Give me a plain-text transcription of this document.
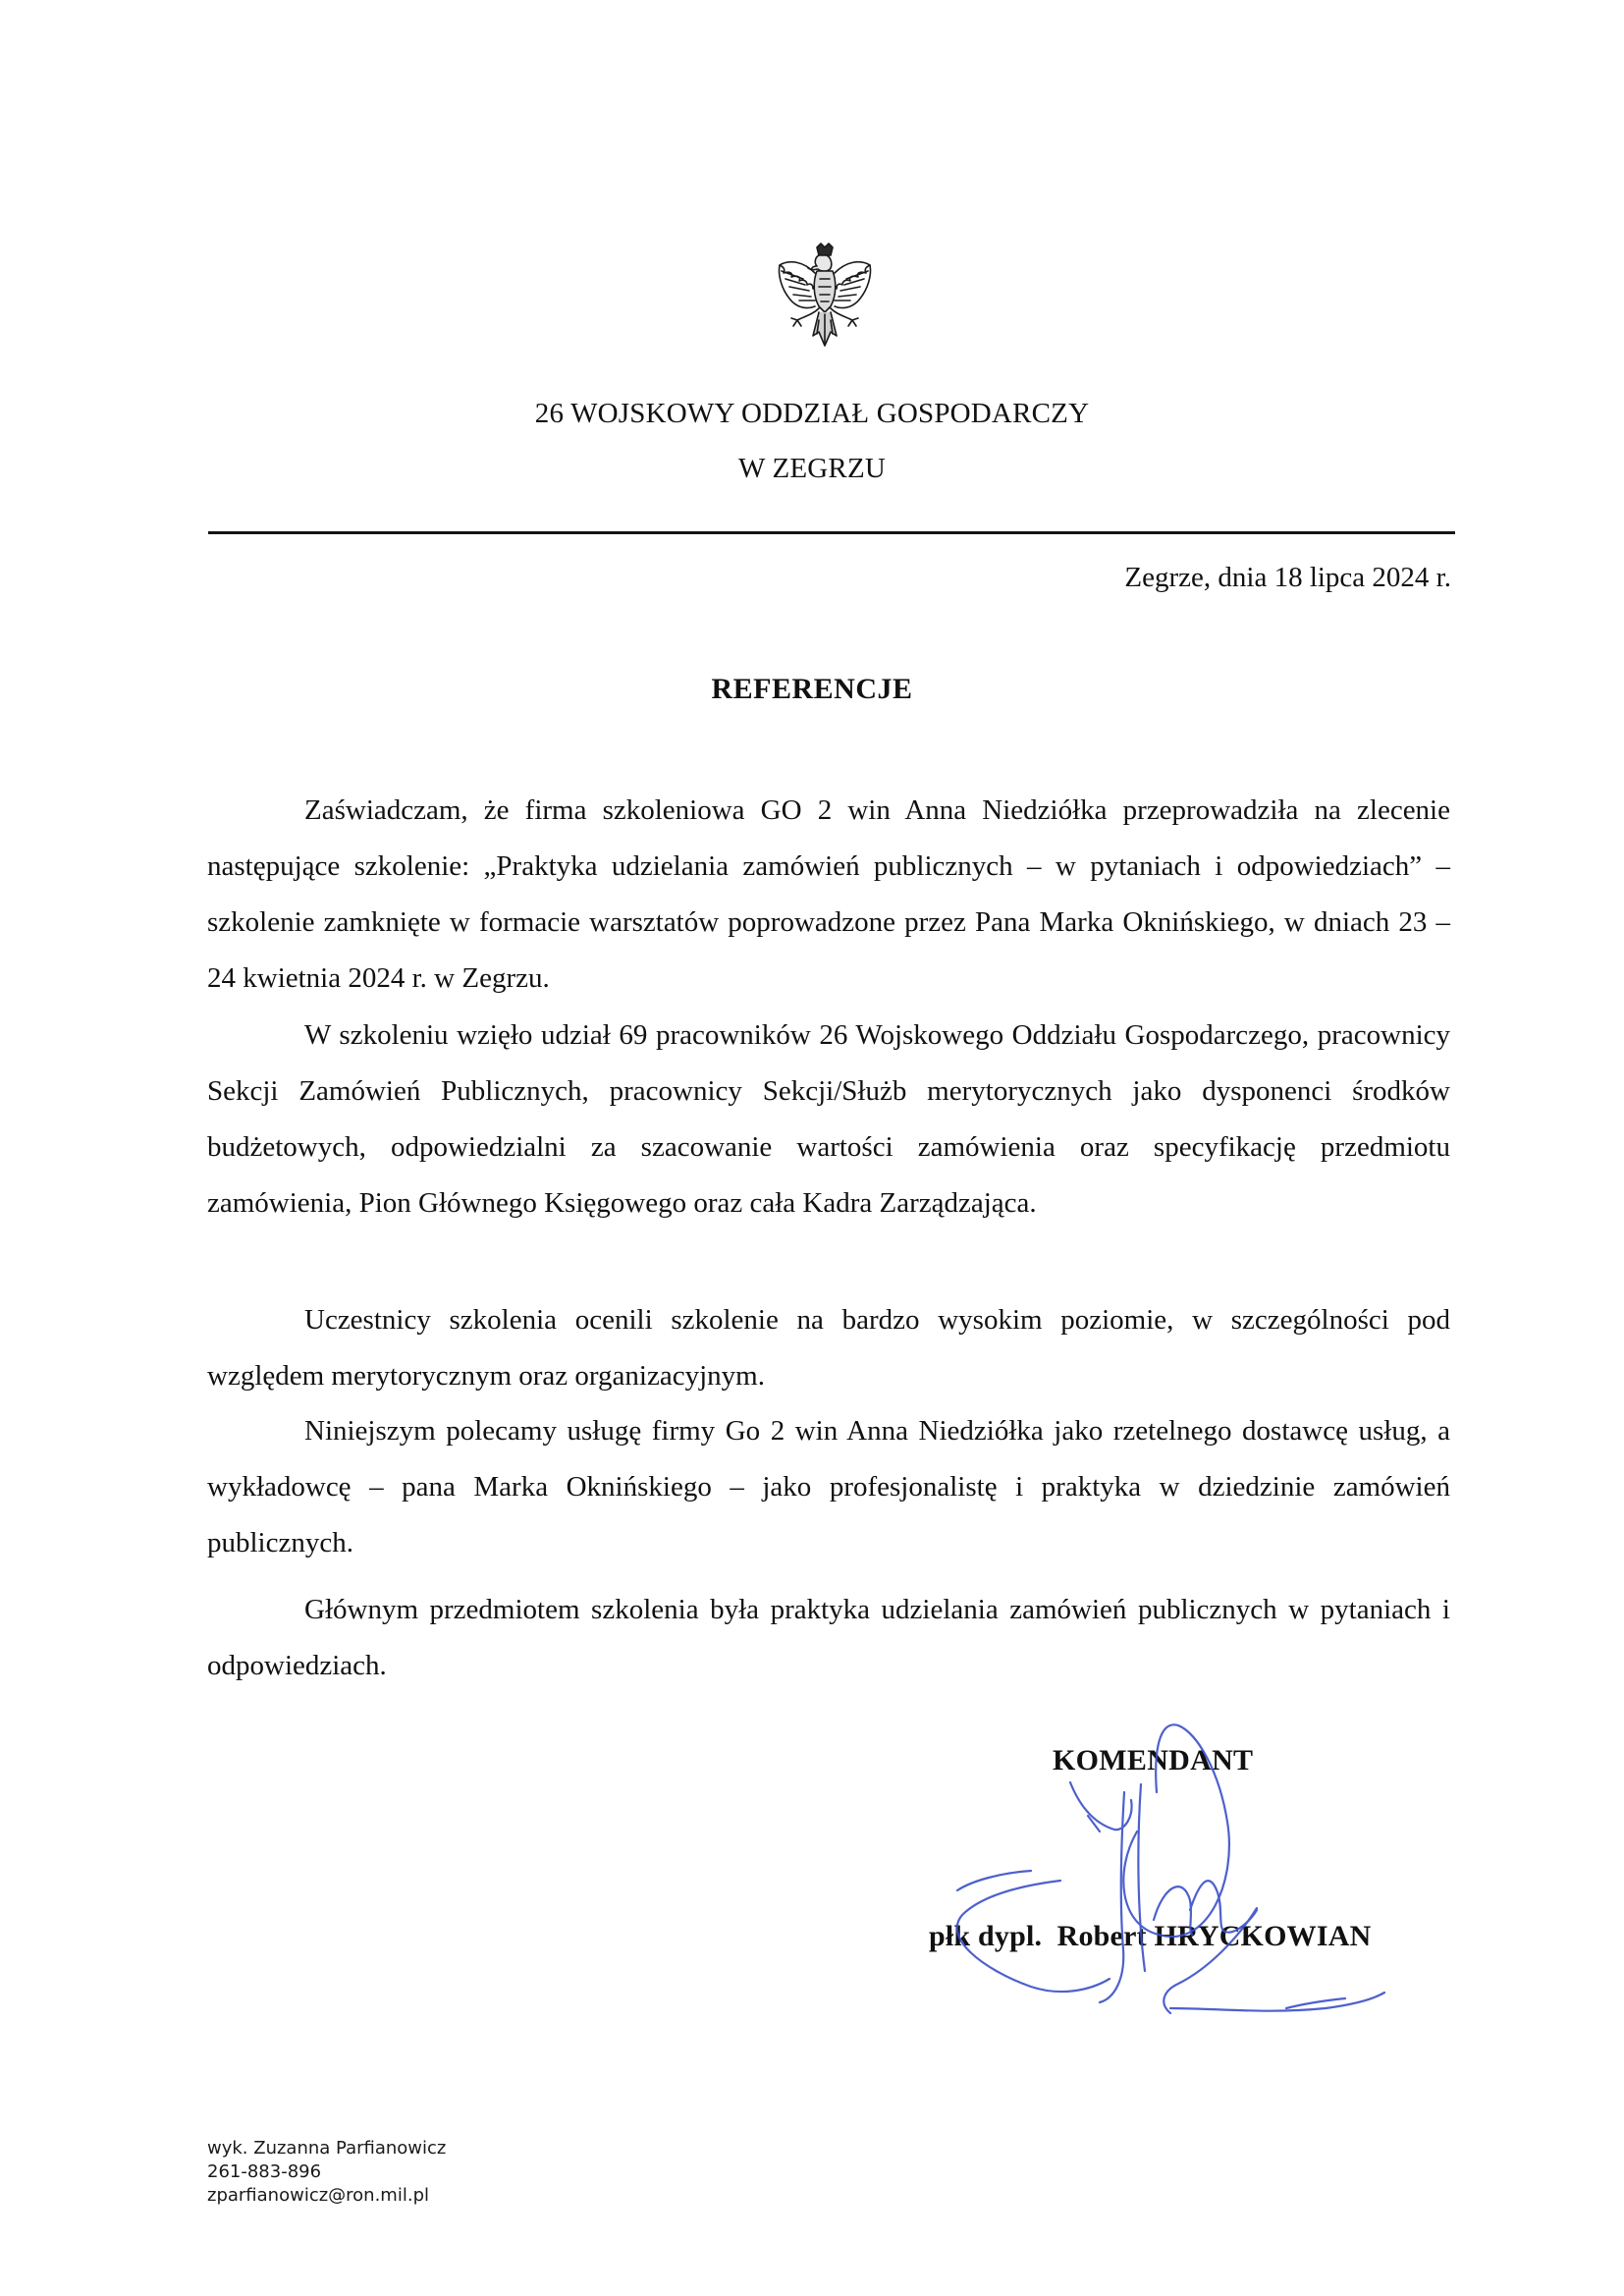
26 WOJSKOWY ODDZIAŁ GOSPODARCZY
W ZEGRZU
Zegrze, dnia 18 lipca 2024 r.
REFERENCJE

Zaświadczam, że firma szkoleniowa GO 2 win Anna Niedziółka przeprowadziła na zlecenie następujące szkolenie: „Praktyka udzielania zamówień publicznych – w pytaniach i odpowiedziach” – szkolenie zamknięte w formacie warsztatów poprowadzone przez Pana Marka Oknińskiego, w dniach 23 – 24 kwietnia 2024 r. w Zegrzu.

W szkoleniu wzięło udział 69 pracowników 26 Wojskowego Oddziału Gospodarczego, pracownicy Sekcji Zamówień Publicznych, pracownicy Sekcji/Służb merytorycznych jako dysponenci środków budżetowych, odpowiedzialni za szacowanie wartości zamówienia oraz specyfikację przedmiotu zamówienia, Pion Głównego Księgowego oraz cała Kadra Zarządzająca.

Uczestnicy szkolenia ocenili szkolenie na bardzo wysokim poziomie, w szczególności pod względem merytorycznym oraz organizacyjnym.

Niniejszym polecamy usługę firmy Go 2 win Anna Niedziółka jako rzetelnego dostawcę usług, a wykładowcę – pana Marka Oknińskiego – jako profesjonalistę i praktyka w dziedzinie zamówień publicznych.

Głównym przedmiotem szkolenia była praktyka udzielania zamówień publicznych w pytaniach i odpowiedziach.

KOMENDANT
płk dypl.  Robert HRYCKOWIAN
wyk. Zuzanna Parfianowicz
261-883-896
zparfianowicz@ron.mil.pl
